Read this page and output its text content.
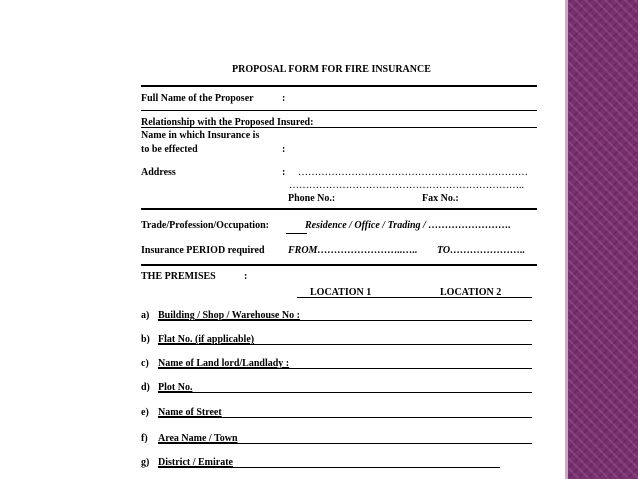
PROPOSAL FORM FOR FIRE INSURANCE
Full Name of the Proposer	:
Relationship with the Proposed Insured:
Name in which Insurance is
to be effected	:
Address	: ……………………………………………………………
……………………………………………………………..
Phone No.:	Fax No.:
Trade/Profession/Occupation:	Residence / Office / Trading / …………………….
Insurance PERIOD required FROM……………………..….. TO…………………..
THE PREMISES	:
LOCATION 1	LOCATION 2
a) Building / Shop / Warehouse No :
b) Flat No. (if applicable)
c) Name of Land lord/Landlady :
d) Plot No.
e) Name of Street
f) Area Name / Town
g) District / Emirate
